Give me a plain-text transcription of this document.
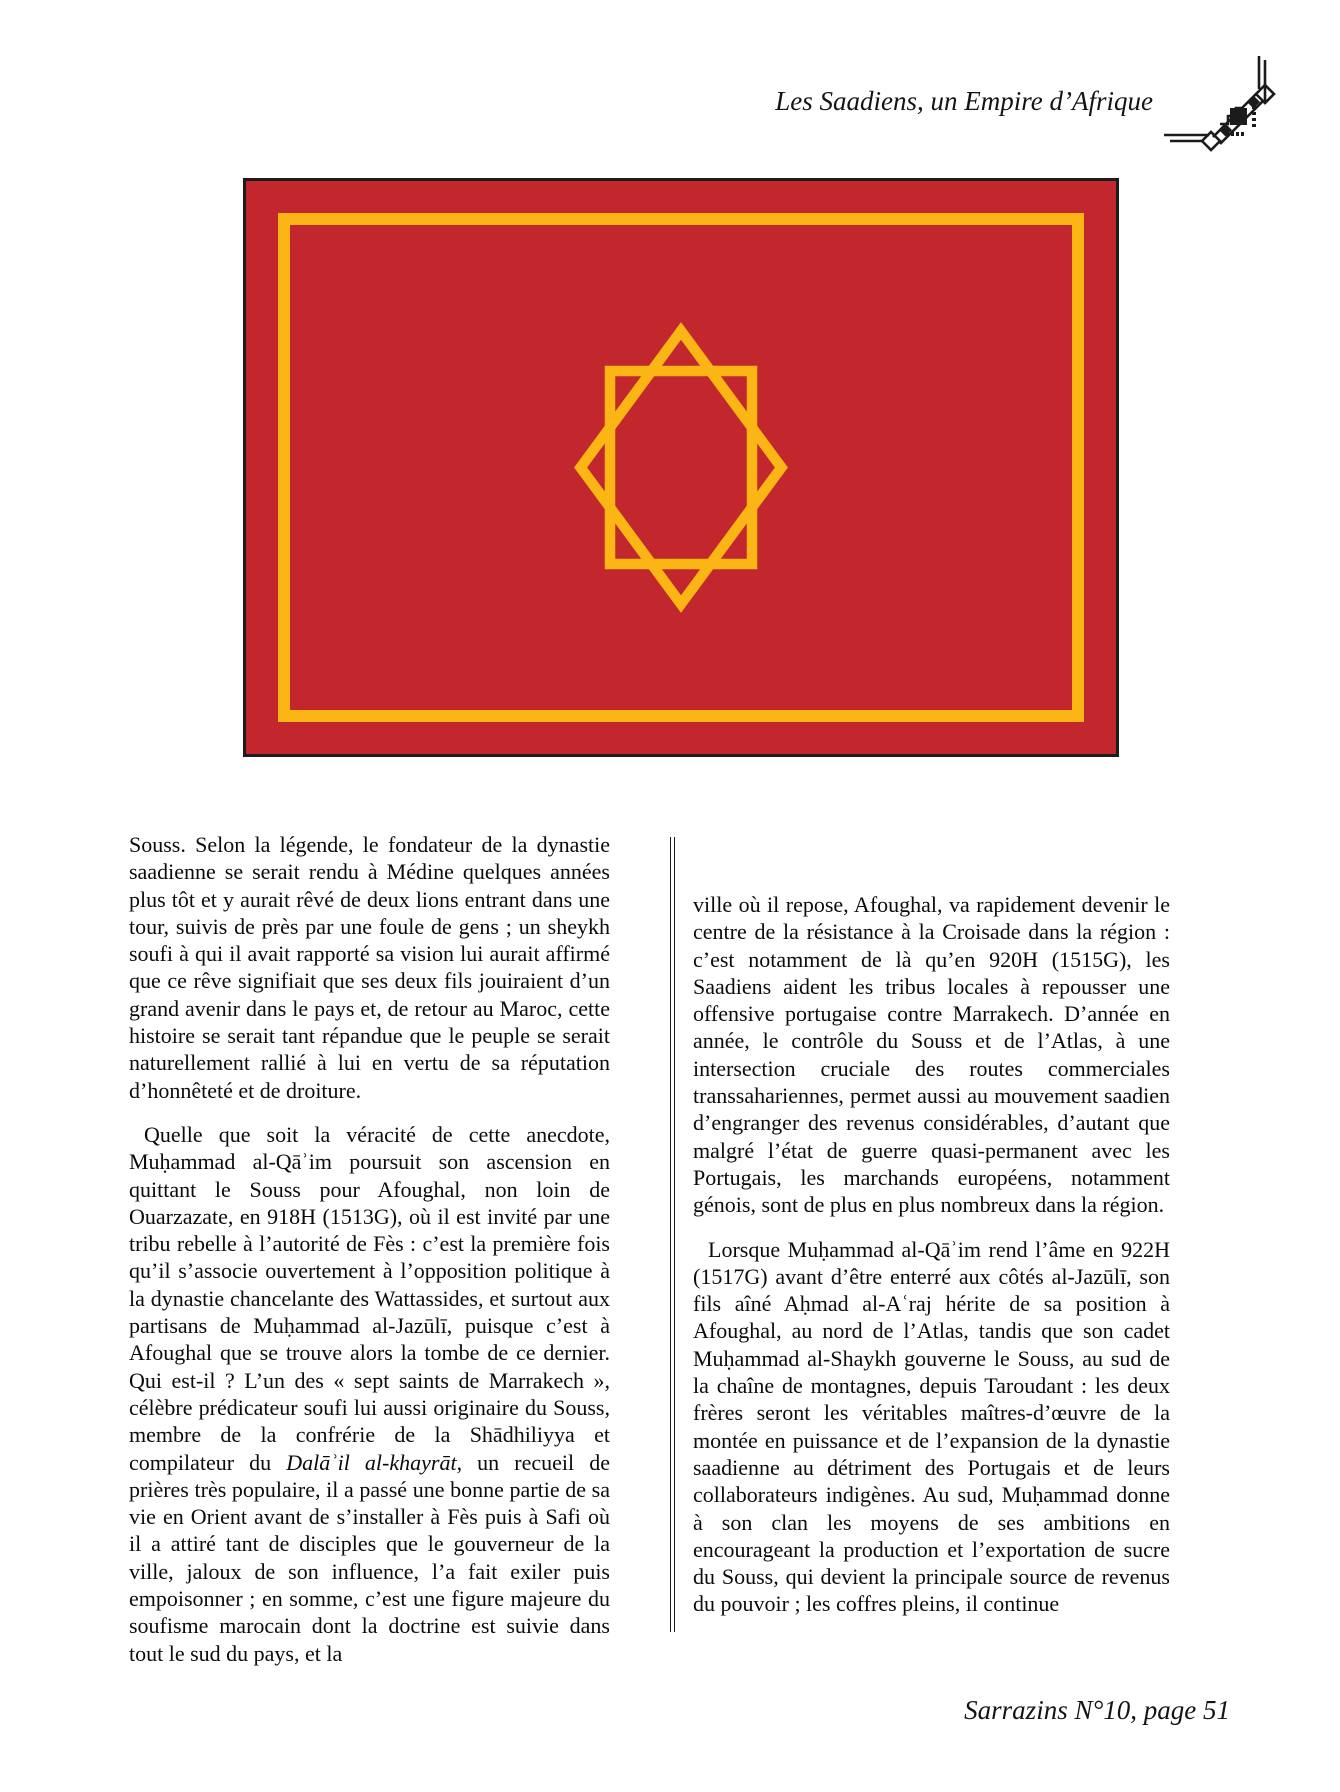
Les Saadiens, un Empire d’Afrique

Souss. Selon la légende, le fondateur de la dynastie saadienne se serait rendu à Médine quelques années plus tôt et y aurait rêvé de deux lions entrant dans une tour, suivis de près par une foule de gens ; un sheykh soufi à qui il avait rapporté sa vision lui aurait affirmé que ce rêve signifiait que ses deux fils jouiraient d’un grand avenir dans le pays et, de retour au Maroc, cette histoire se serait tant répandue que le peuple se serait naturellement rallié à lui en vertu de sa réputation d’honnêteté et de droiture.

Quelle que soit la véracité de cette anecdote, Muḥammad al-Qāʾim poursuit son ascension en quittant le Souss pour Afoughal, non loin de Ouarzazate, en 918H (1513G), où il est invité par une tribu rebelle à l’autorité de Fès : c’est la première fois qu’il s’associe ouvertement à l’opposition politique à la dynastie chancelante des Wattassides, et surtout aux partisans de Muḥammad al-Jazūlī, puisque c’est à Afoughal que se trouve alors la tombe de ce dernier. Qui est-il ? L’un des « sept saints de Marrakech », célèbre prédicateur soufi lui aussi originaire du Souss, membre de la confrérie de la Shādhiliyya et compilateur du Dalāʾil al-khayrāt, un recueil de prières très populaire, il a passé une bonne partie de sa vie en Orient avant de s’installer à Fès puis à Safi où il a attiré tant de disciples que le gouverneur de la ville, jaloux de son influence, l’a fait exiler puis empoisonner ; en somme, c’est une figure majeure du soufisme marocain dont la doctrine est suivie dans tout le sud du pays, et la

ville où il repose, Afoughal, va rapidement devenir le centre de la résistance à la Croisade dans la région : c’est notamment de là qu’en 920H (1515G), les Saadiens aident les tribus locales à repousser une offensive portugaise contre Marrakech. D’année en année, le contrôle du Souss et de l’Atlas, à une intersection cruciale des routes commerciales transsahariennes, permet aussi au mouvement saadien d’engranger des revenus considérables, d’autant que malgré l’état de guerre quasi-permanent avec les Portugais, les marchands européens, notamment génois, sont de plus en plus nombreux dans la région.

Lorsque Muḥammad al-Qāʾim rend l’âme en 922H (1517G) avant d’être enterré aux côtés al-Jazūlī, son fils aîné Aḥmad al-Aʿraj hérite de sa position à Afoughal, au nord de l’Atlas, tandis que son cadet Muḥammad al-Shaykh gouverne le Souss, au sud de la chaîne de montagnes, depuis Taroudant : les deux frères seront les véritables maîtres-d’œuvre de la montée en puissance et de l’expansion de la dynastie saadienne au détriment des Portugais et de leurs collaborateurs indigènes. Au sud, Muḥammad donne à son clan les moyens de ses ambitions en encourageant la production et l’exportation de sucre du Souss, qui devient la principale source de revenus du pouvoir ; les coffres pleins, il continue

Sarrazins N°10, page 51
